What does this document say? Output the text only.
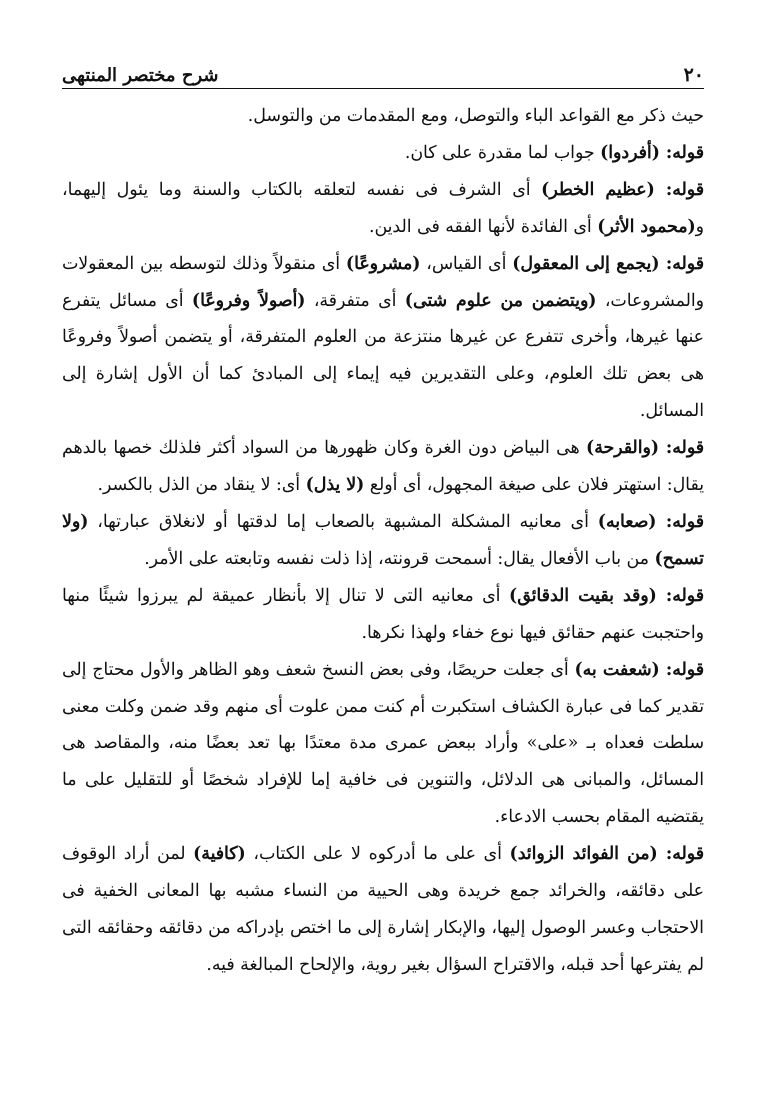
شرح مختصر المنتهى	٢٠

حيث ذكر مع القواعد الباء والتوصل، ومع المقدمات من والتوسل.

قوله: (أفردوا) جواب لما مقدرة على كان.

قوله: (عظيم الخطر) أى الشرف فى نفسه لتعلقه بالكتاب والسنة وما يئول إليهما، و(محمود الأثر) أى الفائدة لأنها الفقه فى الدين.

قوله: (يجمع إلى المعقول) أى القياس، (مشروعًا) أى منقولاً وذلك لتوسطه بين المعقولات والمشروعات، (ويتضمن من علوم شتى) أى متفرقة، (أصولاً وفروعًا) أى مسائل يتفرع عنها غيرها، وأخرى تتفرع عن غيرها منتزعة من العلوم المتفرقة، أو يتضمن أصولاً وفروعًا هى بعض تلك العلوم، وعلى التقديرين فيه إيماء إلى المبادئ كما أن الأول إشارة إلى المسائل.

قوله: (والقرحة) هى البياض دون الغرة وكان ظهورها من السواد أكثر فلذلك خصها بالدهم يقال: استهتر فلان على صيغة المجهول، أى أولع (لا يذل) أى: لا ينقاد من الذل بالكسر.

قوله: (صعابه) أى معانيه المشكلة المشبهة بالصعاب إما لدقتها أو لانغلاق عبارتها، (ولا تسمح) من باب الأفعال يقال: أسمحت قرونته، إذا ذلت نفسه وتابعته على الأمر.

قوله: (وقد بقيت الدقائق) أى معانيه التى لا تنال إلا بأنظار عميقة لم يبرزوا شيئًا منها واحتجبت عنهم حقائق فيها نوع خفاء ولهذا نكرها.

قوله: (شعفت به) أى جعلت حريصًا، وفى بعض النسخ شعف وهو الظاهر والأول محتاج إلى تقدير كما فى عبارة الكشاف استكبرت أم كنت ممن علوت أى منهم وقد ضمن وكلت معنى سلطت فعداه بـ «على» وأراد ببعض عمرى مدة معتدًا بها تعد بعضًا منه، والمقاصد هى المسائل، والمبانى هى الدلائل، والتنوين فى خافية إما للإفراد شخصًا أو للتقليل على ما يقتضيه المقام بحسب الادعاء.

قوله: (من الفوائد الزوائد) أى على ما أدركوه لا على الكتاب، (كافية) لمن أراد الوقوف على دقائقه، والخرائد جمع خريدة وهى الحيية من النساء مشبه بها المعانى الخفية فى الاحتجاب وعسر الوصول إليها، والإبكار إشارة إلى ما اختص بإدراكه من دقائقه وحقائقه التى لم يفترعها أحد قبله، والاقتراح السؤال بغير روية، والإلحاح المبالغة فيه.
